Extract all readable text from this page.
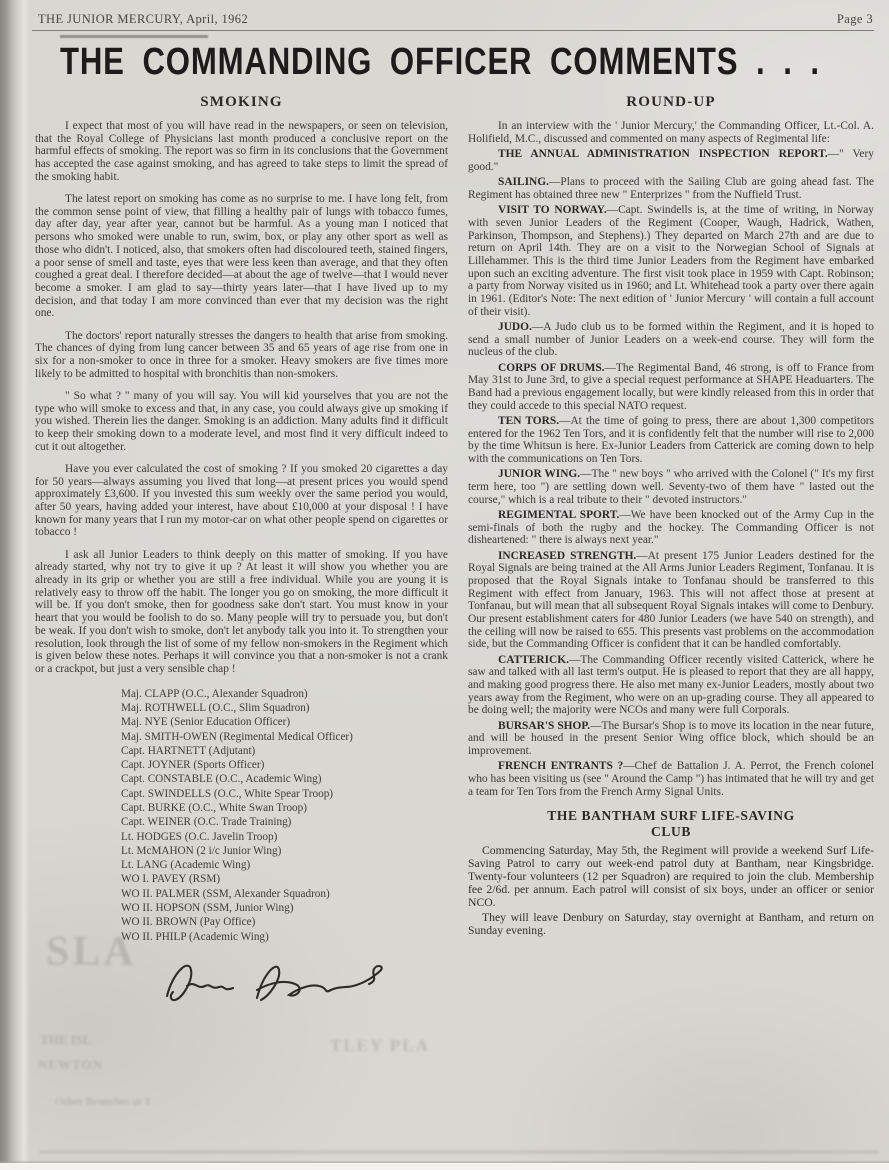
SLA
TLEY PLA
THE ISL
NEWTON
Other Branches at T
THE JUNIOR MERCURY, April, 1962	Page 3
THE COMMANDING OFFICER COMMENTS . . .
SMOKING

I expect that most of you will have read in the newspapers, or seen on television, that the Royal College of Physicians last month produced a conclusive report on the harmful effects of smoking. The report was so firm in its conclusions that the Government has accepted the case against smoking, and has agreed to take steps to limit the spread of the smoking habit.

The latest report on smoking has come as no surprise to me. I have long felt, from the common sense point of view, that filling a healthy pair of lungs with tobacco fumes, day after day, year after year, cannot but be harmful. As a young man I noticed that persons who smoked were unable to run, swim, box, or play any other sport as well as those who didn't. I noticed, also, that smokers often had discoloured teeth, stained fingers, a poor sense of smell and taste, eyes that were less keen than average, and that they often coughed a great deal. I therefore decided—at about the age of twelve—that I would never become a smoker. I am glad to say—thirty years later—that I have lived up to my decision, and that today I am more convinced than ever that my decision was the right one.

The doctors' report naturally stresses the dangers to health that arise from smoking. The chances of dying from lung cancer between 35 and 65 years of age rise from one in six for a non-smoker to once in three for a smoker. Heavy smokers are five times more likely to be admitted to hospital with bronchitis than non-smokers.

" So what ? " many of you will say. You will kid yourselves that you are not the type who will smoke to excess and that, in any case, you could always give up smoking if you wished. Therein lies the danger. Smoking is an addiction. Many adults find it difficult to keep their smoking down to a moderate level, and most find it very difficult indeed to cut it out altogether.

Have you ever calculated the cost of smoking ? If you smoked 20 cigarettes a day for 50 years—always assuming you lived that long—at present prices you would spend approximately £3,600. If you invested this sum weekly over the same period you would, after 50 years, having added your interest, have about £10,000 at your disposal ! I have known for many years that I run my motor-car on what other people spend on cigarettes or tobacco !

I ask all Junior Leaders to think deeply on this matter of smoking. If you have already started, why not try to give it up ? At least it will show you whether you are already in its grip or whether you are still a free individual. While you are young it is relatively easy to throw off the habit. The longer you go on smoking, the more difficult it will be. If you don't smoke, then for goodness sake don't start. You must know in your heart that you would be foolish to do so. Many people will try to persuade you, but don't be weak. If you don't wish to smoke, don't let anybody talk you into it. To strengthen your resolution, look through the list of some of my fellow non-smokers in the Regiment which is given below these notes. Perhaps it will convince you that a non-smoker is not a crank or a crackpot, but just a very sensible chap !

Maj. CLAPP (O.C., Alexander Squadron)
Maj. ROTHWELL (O.C., Slim Squadron)
Maj. NYE (Senior Education Officer)
Maj. SMITH-OWEN (Regimental Medical Officer)
Capt. HARTNETT (Adjutant)
Capt. JOYNER (Sports Officer)
Capt. CONSTABLE (O.C., Academic Wing)
Capt. SWINDELLS (O.C., White Spear Troop)
Capt. BURKE (O.C., White Swan Troop)
Capt. WEINER (O.C. Trade Training)
Lt. HODGES (O.C. Javelin Troop)
Lt. McMAHON (2 i/c Junior Wing)
Lt. LANG (Academic Wing)
WO I. PAVEY (RSM)
WO II. PALMER (SSM, Alexander Squadron)
WO II. HOPSON (SSM, Junior Wing)
WO II. BROWN (Pay Office)
WO II. PHILP (Academic Wing)
ROUND-UP

In an interview with the ' Junior Mercury,' the Commanding Officer, Lt.-Col. A. Holifield, M.C., discussed and commented on many aspects of Regimental life:

THE ANNUAL ADMINISTRATION INSPECTION REPORT.—" Very good."

SAILING.—Plans to proceed with the Sailing Club are going ahead fast. The Regiment has obtained three new " Enterprizes " from the Nuffield Trust.

VISIT TO NORWAY.—Capt. Swindells is, at the time of writing, in Norway with seven Junior Leaders of the Regiment (Cooper, Waugh, Hadrick, Wathen, Parkinson, Thompson, and Stephens).) They departed on March 27th and are due to return on April 14th. They are on a visit to the Norwegian School of Signals at Lillehammer. This is the third time Junior Leaders from the Regiment have embarked upon such an exciting adventure. The first visit took place in 1959 with Capt. Robinson; a party from Norway visited us in 1960; and Lt. Whitehead took a party over there again in 1961. (Editor's Note: The next edition of ' Junior Mercury ' will contain a full account of their visit).

JUDO.—A Judo club us to be formed within the Regiment, and it is hoped to send a small number of Junior Leaders on a week-end course. They will form the nucleus of the club.

CORPS OF DRUMS.—The Regimental Band, 46 strong, is off to France from May 31st to June 3rd, to give a special request performance at SHAPE Headuarters. The Band had a previous engagement locally, but were kindly released from this in order that they could accede to this special NATO request.

TEN TORS.—At the time of going to press, there are about 1,300 competitors entered for the 1962 Ten Tors, and it is confidently felt that the number will rise to 2,000 by the time Whitsun is here. Ex-Junior Leaders from Catterick are coming down to help with the communications on Ten Tors.

JUNIOR WING.—The " new boys " who arrived with the Colonel (" It's my first term here, too ") are settling down well. Seventy-two of them have " lasted out the course," which is a real tribute to their " devoted instructors."

REGIMENTAL SPORT.—We have been knocked out of the Army Cup in the semi-finals of both the rugby and the hockey. The Commanding Officer is not disheartened: " there is always next year."

INCREASED STRENGTH.—At present 175 Junior Leaders destined for the Royal Signals are being trained at the All Arms Junior Leaders Regiment, Tonfanau. It is proposed that the Royal Signals intake to Tonfanau should be transferred to this Regiment with effect from January, 1963. This will not affect those at present at Tonfanau, but will mean that all subsequent Royal Signals intakes will come to Denbury. Our present establishment caters for 480 Junior Leaders (we have 540 on strength), and the ceiling will now be raised to 655. This presents vast problems on the accommodation side, but the Commanding Officer is confident that it can be handled comfortably.

CATTERICK.—The Commanding Officer recently visited Catterick, where he saw and talked with all last term's output. He is pleased to report that they are all happy, and making good progress there. He also met many ex-Junior Leaders, mostly about two years away from the Regiment, who were on an up-grading course. They all appeared to be doing well; the majority were NCOs and many were full Corporals.

BURSAR'S SHOP.—The Bursar's Shop is to move its location in the near future, and will be housed in the present Senior Wing office block, which should be an improvement.

FRENCH ENTRANTS ?—Chef de Battalion J. A. Perrot, the French colonel who has been visiting us (see " Around the Camp ") has intimated that he will try and get a team for Ten Tors from the French Army Signal Units.

THE BANTHAM SURF LIFE-SAVING
CLUB

Commencing Saturday, May 5th, the Regiment will provide a weekend Surf Life-Saving Patrol to carry out week-end patrol duty at Bantham, near Kingsbridge. Twenty-four volunteers (12 per Squadron) are required to join the club. Membership fee 2/6d. per annum. Each patrol will consist of six boys, under an officer or senior NCO.

They will leave Denbury on Saturday, stay overnight at Bantham, and return on Sunday evening.
